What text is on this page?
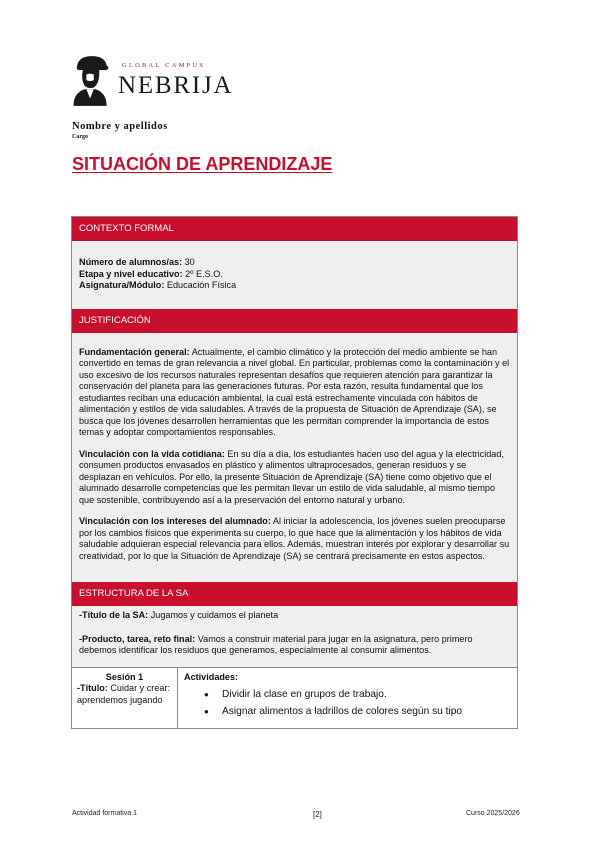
GLOBAL CAMPUS
NEBRIJA
Nombre y apellidos
Cargo
SITUACIÓN DE APRENDIZAJE
CONTEXTO FORMAL
Número de alumnos/as: 30
Etapa y nivel educativo: 2º E.S.O.
Asignatura/Módulo: Educación Física
JUSTIFICACIÓN

Fundamentación general: Actualmente, el cambio climático y la protección del medio ambiente se han convertido en temas de gran relevancia a nivel global. En particular, problemas como la contaminación y el uso excesivo de los recursos naturales representan desafíos que requieren atención para garantizar la conservación del planeta para las generaciones futuras. Por esta razón, resulta fundamental que los estudiantes reciban una educación ambiental, la cual está estrechamente vinculada con hábitos de alimentación y estilos de vida saludables. A través de la propuesta de Situación de Aprendizaje (SA), se busca que los jóvenes desarrollen herramientas que les permitan comprender la importancia de estos temas y adoptar comportamientos responsables.

Vinculación con la vida cotidiana: En su día a día, los estudiantes hacen uso del agua y la electricidad, consumen productos envasados en plástico y alimentos ultraprocesados, generan residuos y se desplazan en vehículos. Por ello, la presente Situación de Aprendizaje (SA) tiene como objetivo que el alumnado desarrolle competencias que les permitan llevar un estilo de vida saludable, al mismo tiempo que sostenible, contribuyendo así a la preservación del entorno natural y urbano.

Vinculación con los intereses del alumnado: Al iniciar la adolescencia, los jóvenes suelen preocuparse por los cambios físicos que experimenta su cuerpo, lo que hace que la alimentación y los hábitos de vida saludable adquieran especial relevancia para ellos. Además, muestran interés por explorar y desarrollar su creatividad, por lo que la Situación de Aprendizaje (SA) se centrará precisamente en estos aspectos.

ESTRUCTURA DE LA SA

-Título de la SA: Jugamos y cuidamos el planeta

-Producto, tarea, reto final: Vamos a construir material para jugar en la asignatura, pero primero debemos identificar los residuos que generamos, especialmente al consumir alimentos.

Sesión 1
-Título: Cuidar y crear: aprendemos jugando
Actividades:
● Dividir la clase en grupos de trabajo.
● Asignar alimentos a ladrillos de colores según su tipo
Actividad formativa 1	[2]	Curso 2025/2026
